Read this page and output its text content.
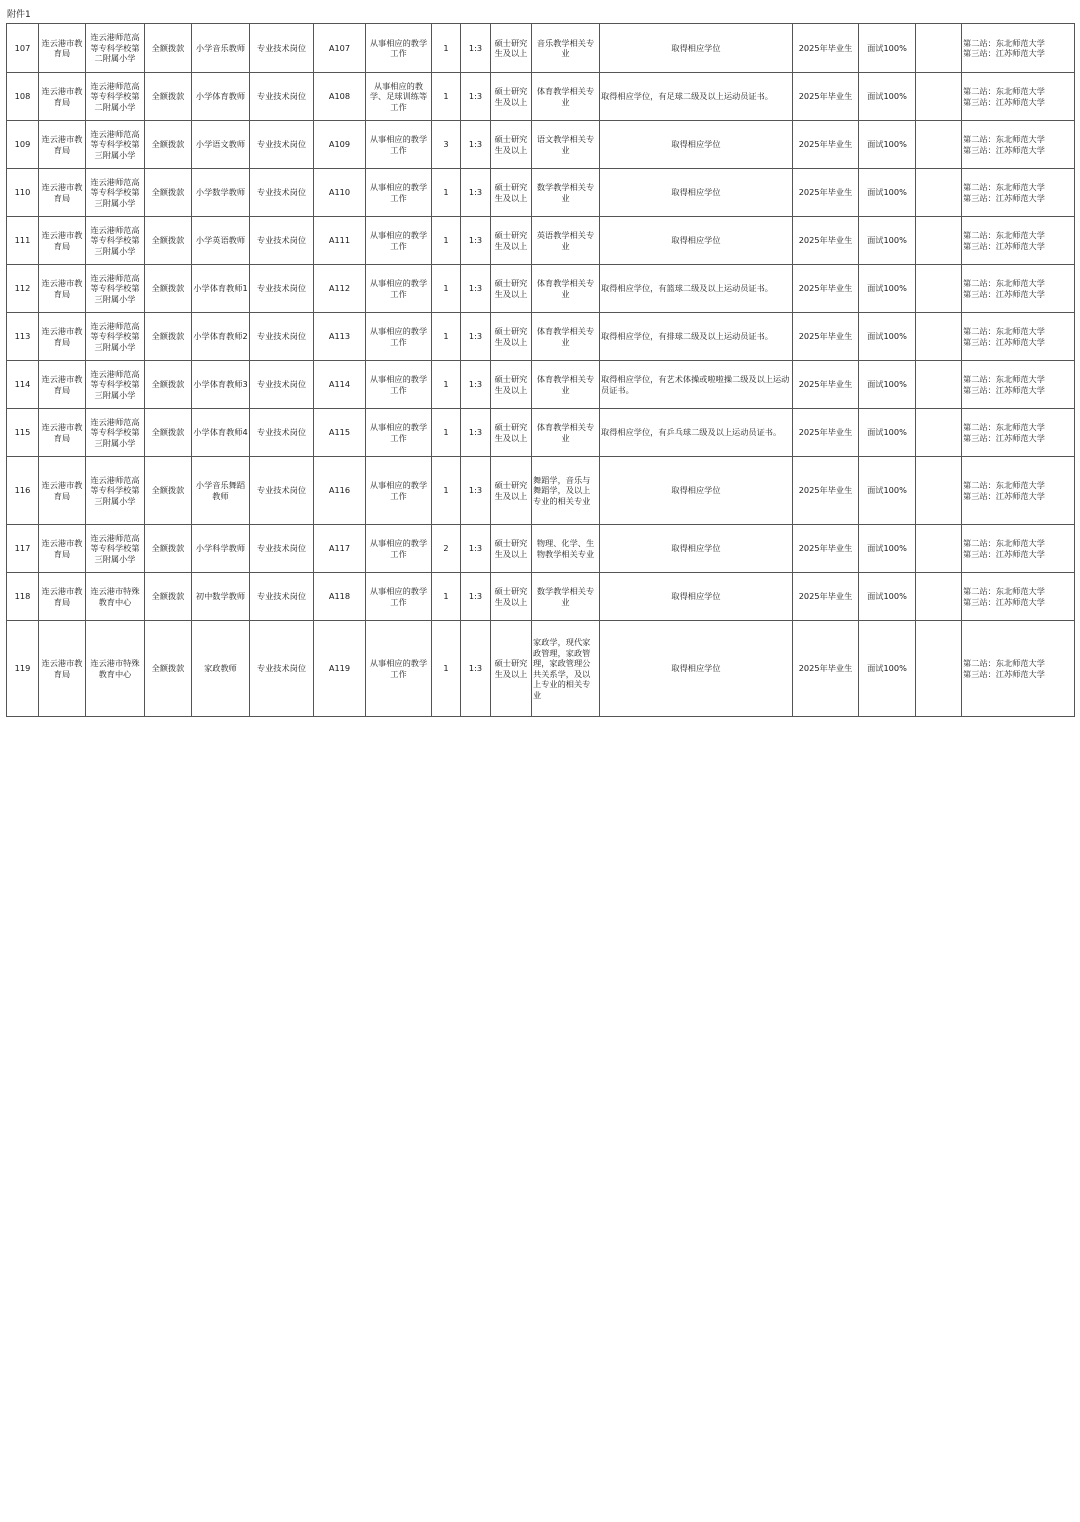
附件1
107	连云港市教育局	连云港师范高等专科学校第二附属小学	全额拨款	小学音乐教师	专业技术岗位	A107	从事相应的教学工作	1	1:3	硕士研究生及以上	音乐教学相关专业	取得相应学位	2025年毕业生	面试100%		第二站：东北师范大学
第三站：江苏师范大学

108	连云港市教育局	连云港师范高等专科学校第二附属小学	全额拨款	小学体育教师	专业技术岗位	A108	从事相应的教学、足球训练等工作	1	1:3	硕士研究生及以上	体育教学相关专业	取得相应学位，有足球二级及以上运动员证书。	2025年毕业生	面试100%		第二站：东北师范大学
第三站：江苏师范大学

109	连云港市教育局	连云港师范高等专科学校第三附属小学	全额拨款	小学语文教师	专业技术岗位	A109	从事相应的教学工作	3	1:3	硕士研究生及以上	语文教学相关专业	取得相应学位	2025年毕业生	面试100%		第二站：东北师范大学
第三站：江苏师范大学

110	连云港市教育局	连云港师范高等专科学校第三附属小学	全额拨款	小学数学教师	专业技术岗位	A110	从事相应的教学工作	1	1:3	硕士研究生及以上	数学教学相关专业	取得相应学位	2025年毕业生	面试100%		第二站：东北师范大学
第三站：江苏师范大学

111	连云港市教育局	连云港师范高等专科学校第三附属小学	全额拨款	小学英语教师	专业技术岗位	A111	从事相应的教学工作	1	1:3	硕士研究生及以上	英语教学相关专业	取得相应学位	2025年毕业生	面试100%		第二站：东北师范大学
第三站：江苏师范大学

112	连云港市教育局	连云港师范高等专科学校第三附属小学	全额拨款	小学体育教师1	专业技术岗位	A112	从事相应的教学工作	1	1:3	硕士研究生及以上	体育教学相关专业	取得相应学位，有篮球二级及以上运动员证书。	2025年毕业生	面试100%		第二站：东北师范大学
第三站：江苏师范大学

113	连云港市教育局	连云港师范高等专科学校第三附属小学	全额拨款	小学体育教师2	专业技术岗位	A113	从事相应的教学工作	1	1:3	硕士研究生及以上	体育教学相关专业	取得相应学位，有排球二级及以上运动员证书。	2025年毕业生	面试100%		第二站：东北师范大学
第三站：江苏师范大学

114	连云港市教育局	连云港师范高等专科学校第三附属小学	全额拨款	小学体育教师3	专业技术岗位	A114	从事相应的教学工作	1	1:3	硕士研究生及以上	体育教学相关专业	取得相应学位，有艺术体操或啦啦操二级及以上运动员证书。	2025年毕业生	面试100%		第二站：东北师范大学
第三站：江苏师范大学

115	连云港市教育局	连云港师范高等专科学校第三附属小学	全额拨款	小学体育教师4	专业技术岗位	A115	从事相应的教学工作	1	1:3	硕士研究生及以上	体育教学相关专业	取得相应学位，有乒乓球二级及以上运动员证书。	2025年毕业生	面试100%		第二站：东北师范大学
第三站：江苏师范大学

116	连云港市教育局	连云港师范高等专科学校第三附属小学	全额拨款	小学音乐舞蹈教师	专业技术岗位	A116	从事相应的教学工作	1	1:3	硕士研究生及以上	舞蹈学，音乐与舞蹈学，及以上专业的相关专业	取得相应学位	2025年毕业生	面试100%		第二站：东北师范大学
第三站：江苏师范大学

117	连云港市教育局	连云港师范高等专科学校第三附属小学	全额拨款	小学科学教师	专业技术岗位	A117	从事相应的教学工作	2	1:3	硕士研究生及以上	物理、化学、生物教学相关专业	取得相应学位	2025年毕业生	面试100%		第二站：东北师范大学
第三站：江苏师范大学

118	连云港市教育局	连云港市特殊教育中心	全额拨款	初中数学教师	专业技术岗位	A118	从事相应的教学工作	1	1:3	硕士研究生及以上	数学教学相关专业	取得相应学位	2025年毕业生	面试100%		第二站：东北师范大学
第三站：江苏师范大学

119	连云港市教育局	连云港市特殊教育中心	全额拨款	家政教师	专业技术岗位	A119	从事相应的教学工作	1	1:3	硕士研究生及以上	家政学，现代家政管理，家政管理，家政管理公共关系学，及以上专业的相关专业	取得相应学位	2025年毕业生	面试100%		第二站：东北师范大学
第三站：江苏师范大学
